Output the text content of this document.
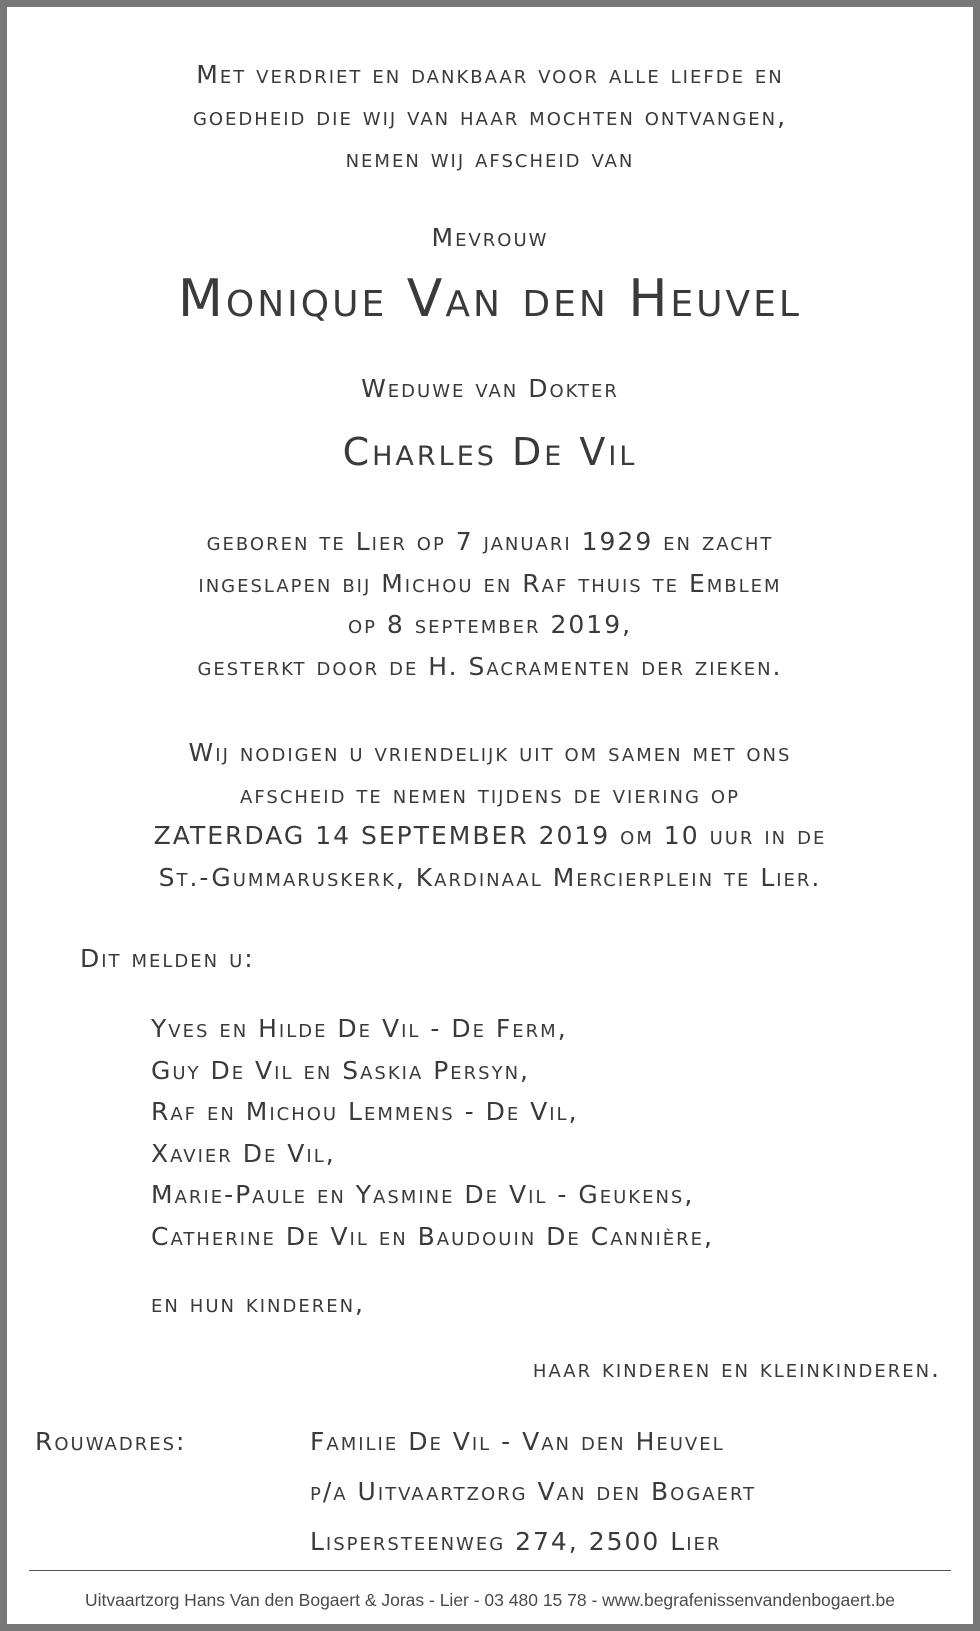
Met verdriet en dankbaar voor alle liefde en
goedheid die wij van haar mochten ontvangen,
nemen wij afscheid van
Mevrouw
Monique Van den Heuvel
Weduwe van Dokter
Charles De Vil
geboren te Lier op 7 januari 1929 en zacht
ingeslapen bij Michou en Raf thuis te Emblem
op 8 september 2019,
gesterkt door de H. Sacramenten der zieken.
Wij nodigen u vriendelijk uit om samen met ons
afscheid te nemen tijdens de viering op
ZATERDAG 14 SEPTEMBER 2019 om 10 uur in de
St.-Gummaruskerk, Kardinaal Mercierplein te Lier.
Dit melden u:
Yves en Hilde De Vil - De Ferm,
Guy De Vil en Saskia Persyn,
Raf en Michou Lemmens - De Vil,
Xavier De Vil,
Marie-Paule en Yasmine De Vil - Geukens,
Catherine De Vil en Baudouin De Cannière,
en hun kinderen,
haar kinderen en kleinkinderen.
Rouwadres:	Familie De Vil - Van den Heuvel
p/a Uitvaartzorg Van den Bogaert
Lispersteenweg 274, 2500 Lier
Uitvaartzorg Hans Van den Bogaert & Joras - Lier - 03 480 15 78 - www.begrafenissenvandenbogaert.be
